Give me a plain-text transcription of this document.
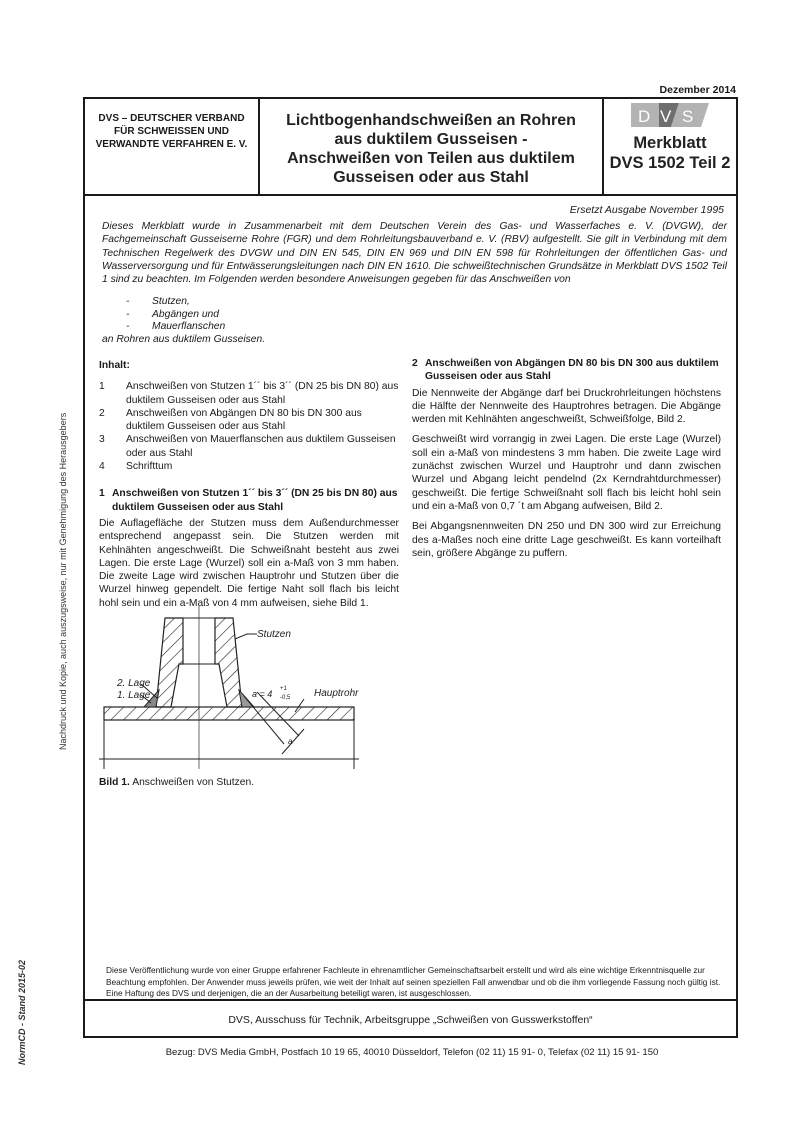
Dezember 2014
DVS – DEUTSCHER VERBAND
FÜR SCHWEISSEN UND
VERWANDTE VERFAHREN E. V.
Lichtbogenhandschweißen an Rohren
aus duktilem Gusseisen -
Anschweißen von Teilen aus duktilem
Gusseisen oder aus Stahl
D V S
Merkblatt
DVS 1502 Teil 2
Ersetzt Ausgabe November 1995
Dieses Merkblatt wurde in Zusammenarbeit mit dem Deutschen Verein des Gas- und Wasserfaches e. V. (DVGW), der Fachgemeinschaft Gusseiserne Rohre (FGR) und dem Rohrleitungsbauverband e. V. (RBV) aufgestellt. Sie gilt in Verbindung mit dem Technischen Regelwerk des DVGW und DIN EN 545, DIN EN 969 und DIN EN 598 für Rohrleitungen der öffentlichen Gas- und Wasserversorgung und für Entwässerungsleitungen nach DIN EN 1610. Die schweißtechnischen Grundsätze in Merkblatt DVS 1502 Teil 1 sind zu beachten. Im Folgenden werden besondere Anweisungen gegeben für das Anschweißen von
- Stutzen,
- Abgängen und
- Mauerflanschen
an Rohren aus duktilem Gusseisen.
Inhalt:
1	Anschweißen von Stutzen 1´´ bis 3´´ (DN 25 bis DN 80) aus duktilem Gusseisen oder aus Stahl
2	Anschweißen von Abgängen DN 80 bis DN 300 aus duktilem Gusseisen oder aus Stahl
3	Anschweißen von Mauerflanschen aus duktilem Gusseisen oder aus Stahl
4	Schrifttum
1 Anschweißen von Stutzen 1´´ bis 3´´ (DN 25 bis DN 80) aus duktilem Gusseisen oder aus Stahl

Die Auflagefläche der Stutzen muss dem Außendurchmesser entsprechend angepasst sein. Die Stutzen werden mit Kehlnähten angeschweißt. Die Schweißnaht besteht aus zwei Lagen. Die erste Lage (Wurzel) soll ein a-Maß von 3 mm haben. Die zweite Lage wird zwischen Hauptrohr und Stutzen über die Wurzel hinweg gependelt. Die fertige Naht soll flach bis leicht hohl sein und ein a-Maß von 4 mm aufweisen, siehe Bild 1.

Stutzen
2. Lage
1. Lage	a = 4 +1
-0,5 Hauptrohr
a
Bild 1. Anschweißen von Stutzen.
2 Anschweißen von Abgängen DN 80 bis DN 300 aus duktilem Gusseisen oder aus Stahl

Die Nennweite der Abgänge darf bei Druckrohrleitungen höchstens die Hälfte der Nennweite des Hauptrohres betragen. Die Abgänge werden mit Kehlnähten angeschweißt, Schweißfolge, Bild 2.

Geschweißt wird vorrangig in zwei Lagen. Die erste Lage (Wurzel) soll ein a-Maß von mindestens 3 mm haben. Die zweite Lage wird zunächst zwischen Wurzel und Hauptrohr und dann zwischen Wurzel und Abgang leicht pendelnd (2x Kerndrahtdurchmesser) geschweißt. Die fertige Schweißnaht soll flach bis leicht hohl sein und ein a-Maß von 0,7 ´t am Abgang aufweisen, Bild 2.

Bei Abgangsnennweiten DN 250 und DN 300 wird zur Erreichung des a-Maßes noch eine dritte Lage geschweißt. Es kann vorteilhaft sein, größere Abgänge zu puffern.

Diese Veröffentlichung wurde von einer Gruppe erfahrener Fachleute in ehrenamtlicher Gemeinschaftsarbeit erstellt und wird als eine wichtige Erkenntnisquelle zur Beachtung empfohlen. Der Anwender muss jeweils prüfen, wie weit der Inhalt auf seinen speziellen Fall anwendbar und ob die ihm vorliegende Fassung noch gültig ist. Eine Haftung des DVS und derjenigen, die an der Ausarbeitung beteiligt waren, ist ausgeschlossen.
DVS, Ausschuss für Technik, Arbeitsgruppe „Schweißen von Gusswerkstoffen“
Bezug: DVS Media GmbH, Postfach 10 19 65, 40010 Düsseldorf, Telefon (02 11) 15 91- 0, Telefax (02 11) 15 91- 150
Nachdruck und Kopie, auch auszugsweise, nur mit Genehmigung des Herausgebers
NormCD - Stand 2015-02
